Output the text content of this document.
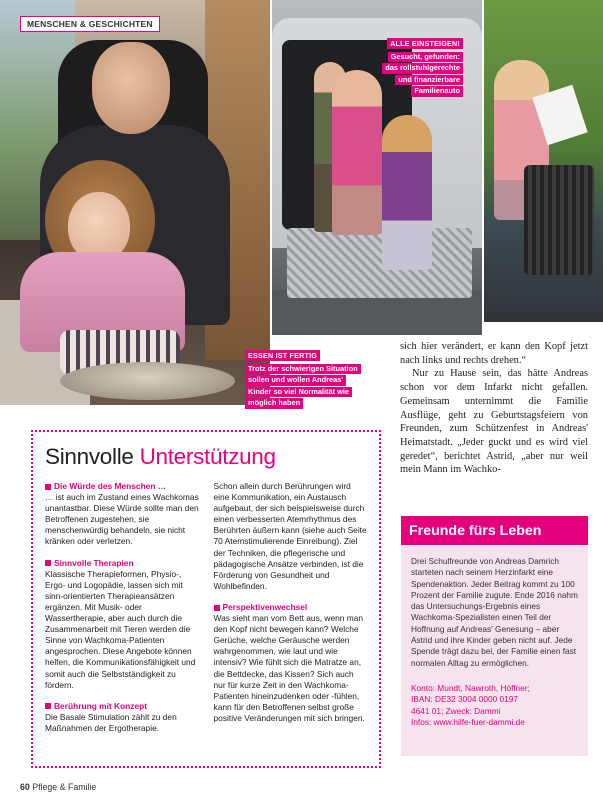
MENSCHEN & GESCHICHTEN
ALLE EINSTEIGEN!
Gesucht, gefunden:
das rollstuhlgerechte
und finanzierbare
Familienauto
ESSEN IST FERTIG
Trotz der schwierigen Situation
sollen und wollen Andreas'
Kinder so viel Normalität wie
möglich haben

sich hier verändert, er kann den Kopf jetzt nach links und rechts drehen.“

Nur zu Hause sein, das hätte Andreas schon vor dem Infarkt nicht gefallen. Gemeinsam unternimmt die Familie Ausflüge, geht zu Geburtstagsfeiern von Freunden, zum Schützenfest in Andreas' Heimatstadt. „Jeder guckt und es wird viel geredet“, berichtet Astrid, „aber nur weil mein Mann im Wachko-

Sinnvolle Unterstützung
Die Würde des Menschen …

… ist auch im Zustand eines Wachkomas unantastbar. Diese Würde sollte man den Betroffenen zugestehen, sie menschenwürdig behandeln, sie nicht kränken oder verletzen.

Sinnvolle Therapien

Klassische Therapieformen, Physio-, Ergo- und Logopädie, lassen sich mit sinn-orientierten Therapieansätzen ergänzen. Mit Musik- oder Wassertherapie, aber auch durch die Zusammenarbeit mit Tieren werden die Sinne von Wachkoma-Patienten angesprochen. Diese Angebote können helfen, die Kommunikationsfähigkeit und somit auch die Selbstständigkeit zu fördern.

Berührung mit Konzept

Die Basale Stimulation zählt zu den Maßnahmen der Ergotherapie.

Schon allein durch Berührungen wird eine Kommunikation, ein Austausch aufgebaut, der sich beispielsweise durch einen verbesserten Atemrhythmus des Berührten äußern kann (siehe auch Seite 70 Atemstimulierende Einreibung). Ziel der Techniken, die pflegerische und pädagogische Ansätze verbinden, ist die Förderung von Gesundheit und Wohlbefinden.

Perspektivenwechsel

Was sieht man vom Bett aus, wenn man den Kopf nicht bewegen kann? Welche Gerüche, welche Geräusche werden wahrgenommen, wie laut und wie intensiv? Wie fühlt sich die Matratze an, die Bettdecke, das Kissen? Sich auch nur für kurze Zeit in den Wachkoma-Patienten hineinzudenken oder -fühlen, kann für den Betroffenen selbst große positive Veränderungen mit sich bringen.

Freunde fürs Leben
Drei Schulfreunde von Andreas Damrich starteten nach seinem Herzinfarkt eine Spendenaktion. Jeder Beitrag kommt zu 100 Prozent der Familie zugute. Ende 2016 nahm das Untersuchungs-Ergebnis eines Wachkoma-Spezialisten einen Teil der Hoffnung auf Andreas' Genesung – aber Astrid und ihre Kinder geben nicht auf. Jede Spende trägt dazu bei, der Familie einen fast normalen Alltag zu ermöglichen.
Konto: Mundt, Nawroth, Höffner;
IBAN: DE32 3004 0000 0197
4641 01; Zweck: Dammi
Infos: www.hilfe-fuer-dammi.de
60 Pflege & Familie
